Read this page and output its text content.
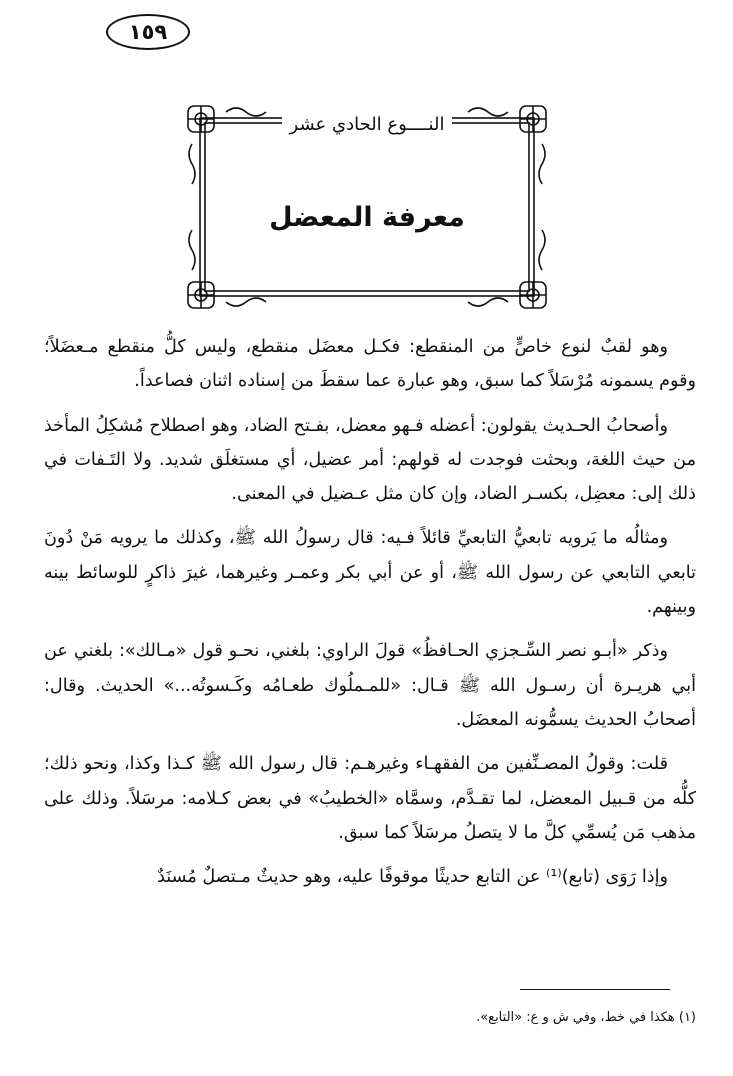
١٥٩
النــــوع الحادي عشر
معرفة المعضل

وهو لقبٌ لنوع خاصٍّ من المنقطع: فكـل معضَل منقطع، وليس كلُّ منقطع مـعضَلاً؛ وقوم يسمونه مُرْسَلاً كما سبق، وهو عبارة عما سقطَ من إسناده اثنان فصاعداً.

وأصحابُ الحـديث يقولون: أعضله فـهو معضل، بفـتح الضاد، وهو اصطلاح مُشكِلُ المأخذ من حيث اللغة، وبحثت فوجدت له قولهم: أمر عضيل، أي مستغلَق شديد. ولا التَـفات في ذلك إلى: معضِل، بكسـر الضاد، وإن كان مثل عـضيل في المعنى.

ومثالُه ما يَرويه تابعيُّ التابعيِّ قائلاً فـيه: قال رسولُ الله ﷺ، وكذلك ما يرويه مَنْ دُونَ تابعي التابعي عن رسول الله ﷺ، أو عن أبي بكر وعمـر وغيرهما، غيرَ ذاكرٍ للوسائط بينه وبينهم.

وذكر «أبـو نصر السِّـجزي الحـافظُ» قولَ الراوي: بلغني، نحـو قول «مـالك»: بلغني عن أبي هريـرة أن رسـول الله ﷺ قـال: «للمـملُوك طعـامُه وكَـسوتُه...» الحديث. وقال: أصحابُ الحديث يسمُّونه المعضَل.

قلت: وقولُ المصـنِّفين من الفقهـاء وغيرهـم: قال رسول الله ﷺ كـذا وكذا، ونحو ذلك؛ كلُّه من قـبيل المعضل، لما تقـدَّم، وسمَّاه «الخطيبُ» في بعض كـلامه: مرسَلاً. وذلك على مذهب مَن يُسمِّي كلَّ ما لا يتصلُ مرسَلاً كما سبق.

وإذا رَوَى (تابع)⁽¹⁾ عن التابع حديثًا موقوفًا عليه، وهو حديثٌ مـتصلٌ مُسنَدٌ

(١) هكذا في خط، وفي ش و ع: «التابع».
